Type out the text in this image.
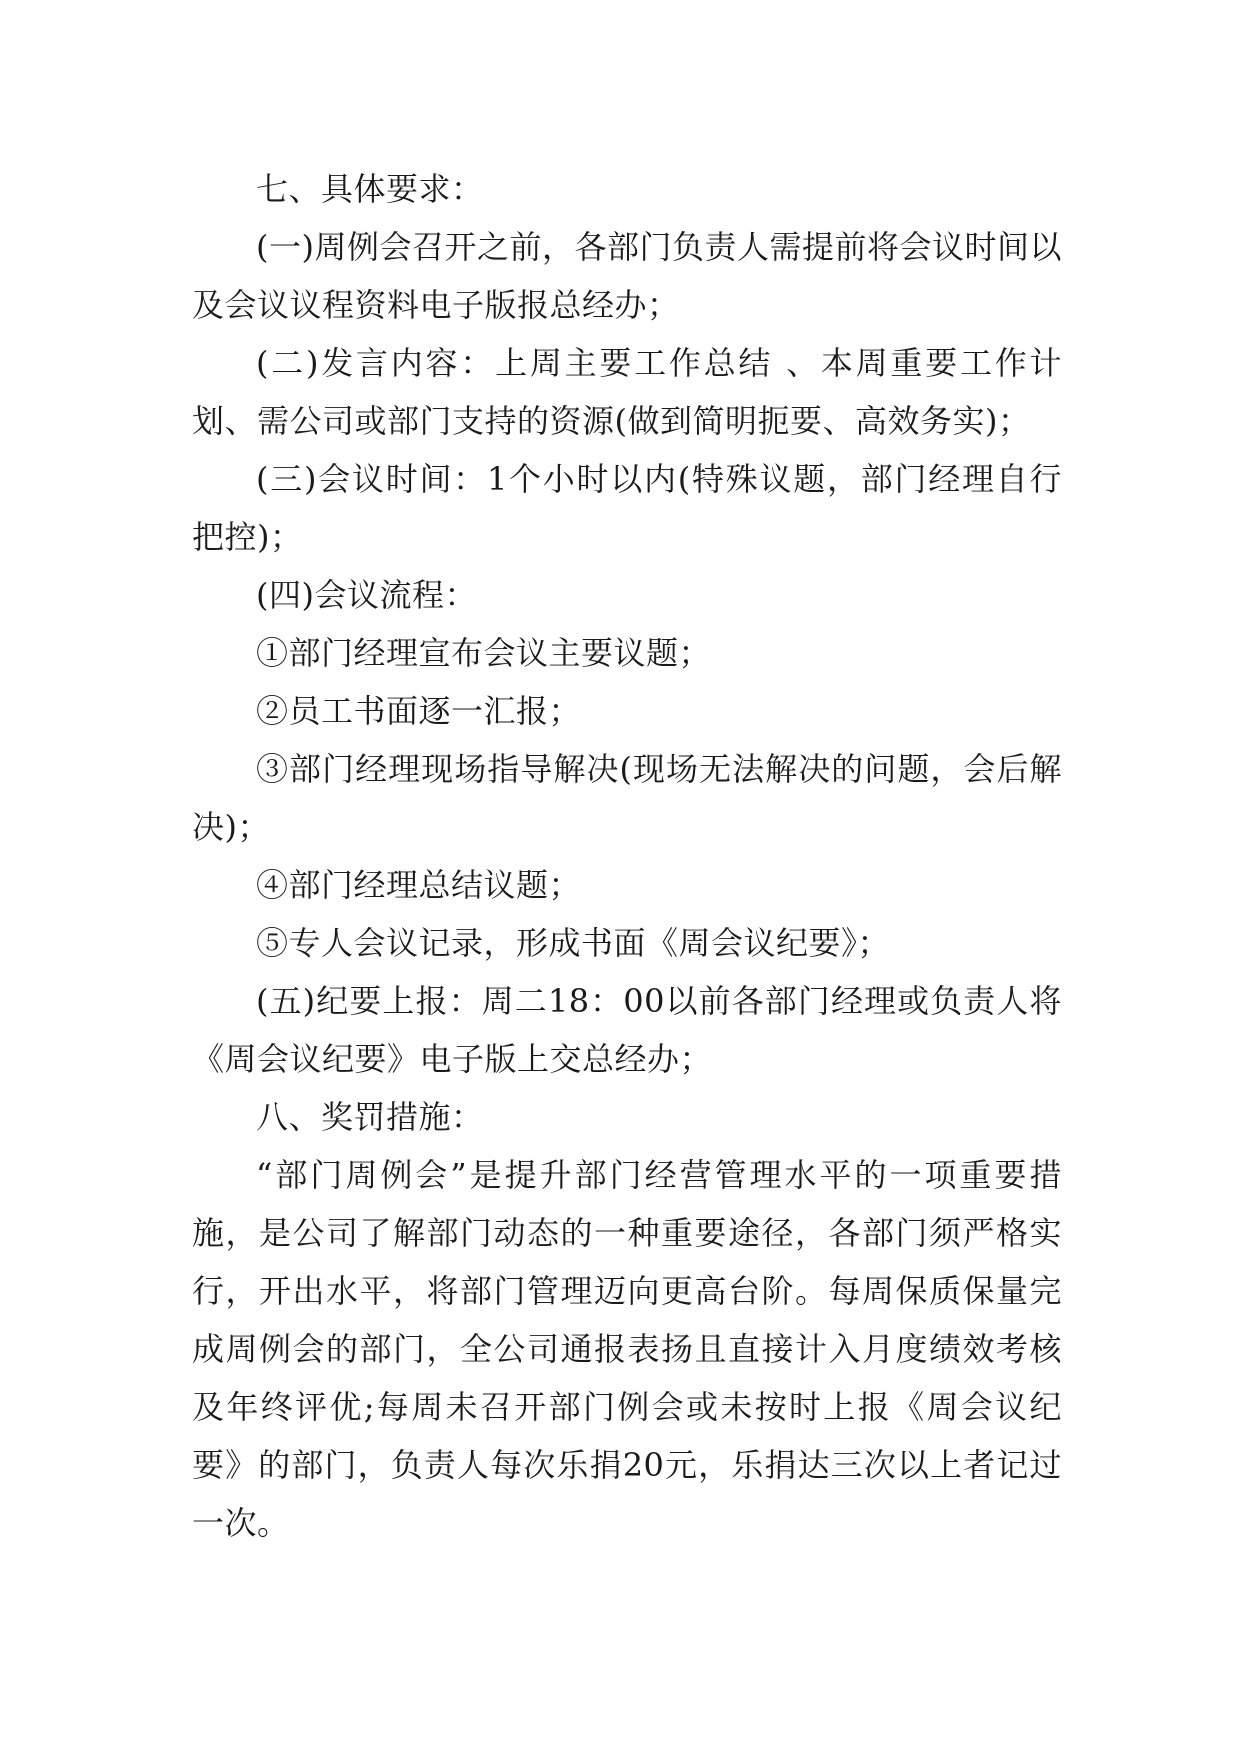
七、具体要求：

(一)周例会召开之前，各部门负责人需提前将会议时间以及会议议程资料电子版报总经办；

(二)发言内容：上周主要工作总结 、本周重要工作计划、需公司或部门支持的资源(做到简明扼要、高效务实)；

(三)会议时间：1个小时以内(特殊议题，部门经理自行把控)；

(四)会议流程：

①部门经理宣布会议主要议题；

②员工书面逐一汇报；

③部门经理现场指导解决(现场无法解决的问题，会后解决)；

④部门经理总结议题；

⑤专人会议记录，形成书面《周会议纪要》；

(五)纪要上报：周二18：00以前各部门经理或负责人将《周会议纪要》电子版上交总经办；

八、奖罚措施：

“部门周例会”是提升部门经营管理水平的一项重要措施，是公司了解部门动态的一种重要途径，各部门须严格实行，开出水平，将部门管理迈向更高台阶。每周保质保量完成周例会的部门，全公司通报表扬且直接计入月度绩效考核及年终评优;每周未召开部门例会或未按时上报《周会议纪要》的部门，负责人每次乐捐20元，乐捐达三次以上者记过一次。
